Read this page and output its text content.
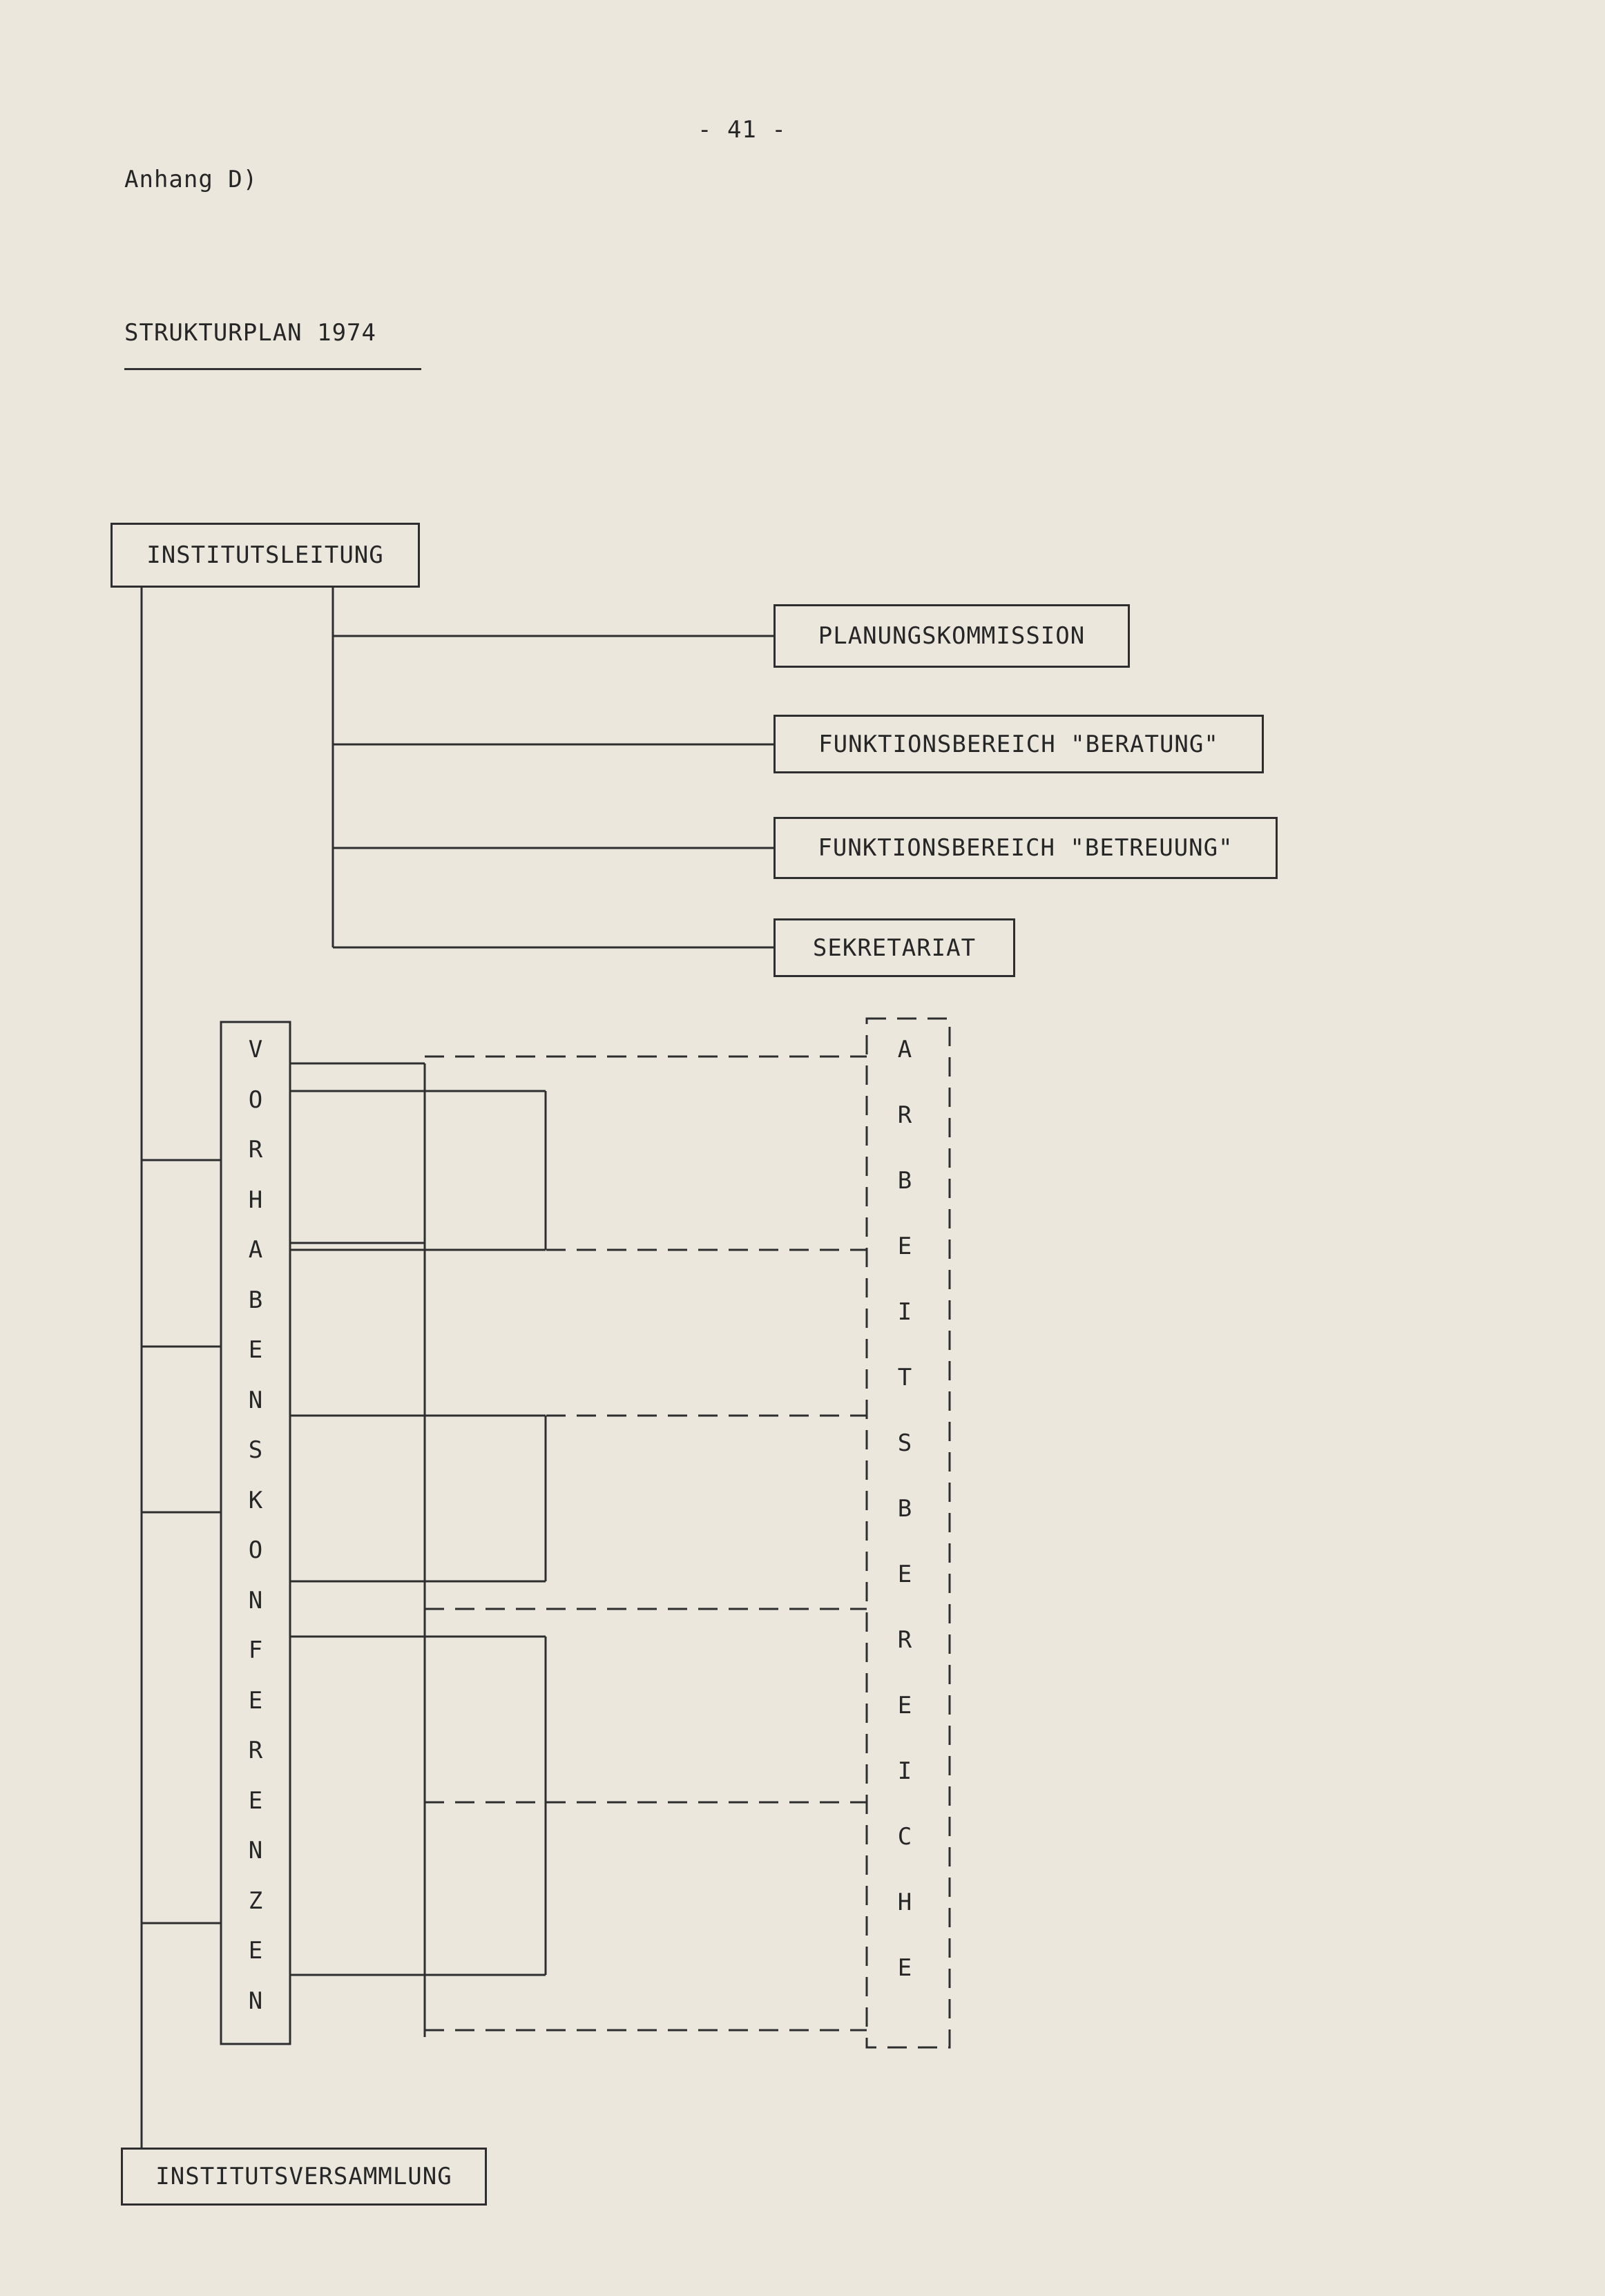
- 41 -
Anhang D)
STRUKTURPLAN 1974
INSTITUTSLEITUNG
PLANUNGSKOMMISSION
FUNKTIONSBEREICH "BERATUNG"
FUNKTIONSBEREICH "BETREUUNG"
SEKRETARIAT
INSTITUTSVERSAMMLUNG
V
O
R
H
A
B
E
N
S
K
O
N
F
E
R
E
N
Z
E
N
A
R
B
E
I
T
S
B
E
R
E
I
C
H
E
